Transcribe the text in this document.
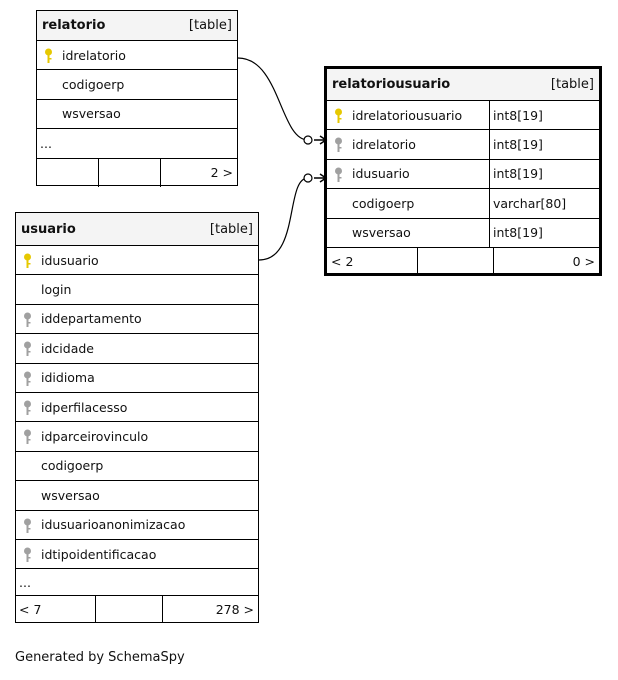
relatorio	[table]
idrelatorio
codigoerp
wsversao
...
2 >
relatoriousuario	[table]
idrelatoriousuario int8[19]
idrelatorio	int8[19]
idusuario	int8[19]
codigoerp	varchar[80]
wsversao	int8[19]
< 2	0 >
usuario	[table]
idusuario
login
iddepartamento
idcidade
ididioma
idperfilacesso
idparceirovinculo
codigoerp
wsversao
idusuarioanonimizacao
idtipoidentificacao
...
< 7	278 >
Generated by SchemaSpy
